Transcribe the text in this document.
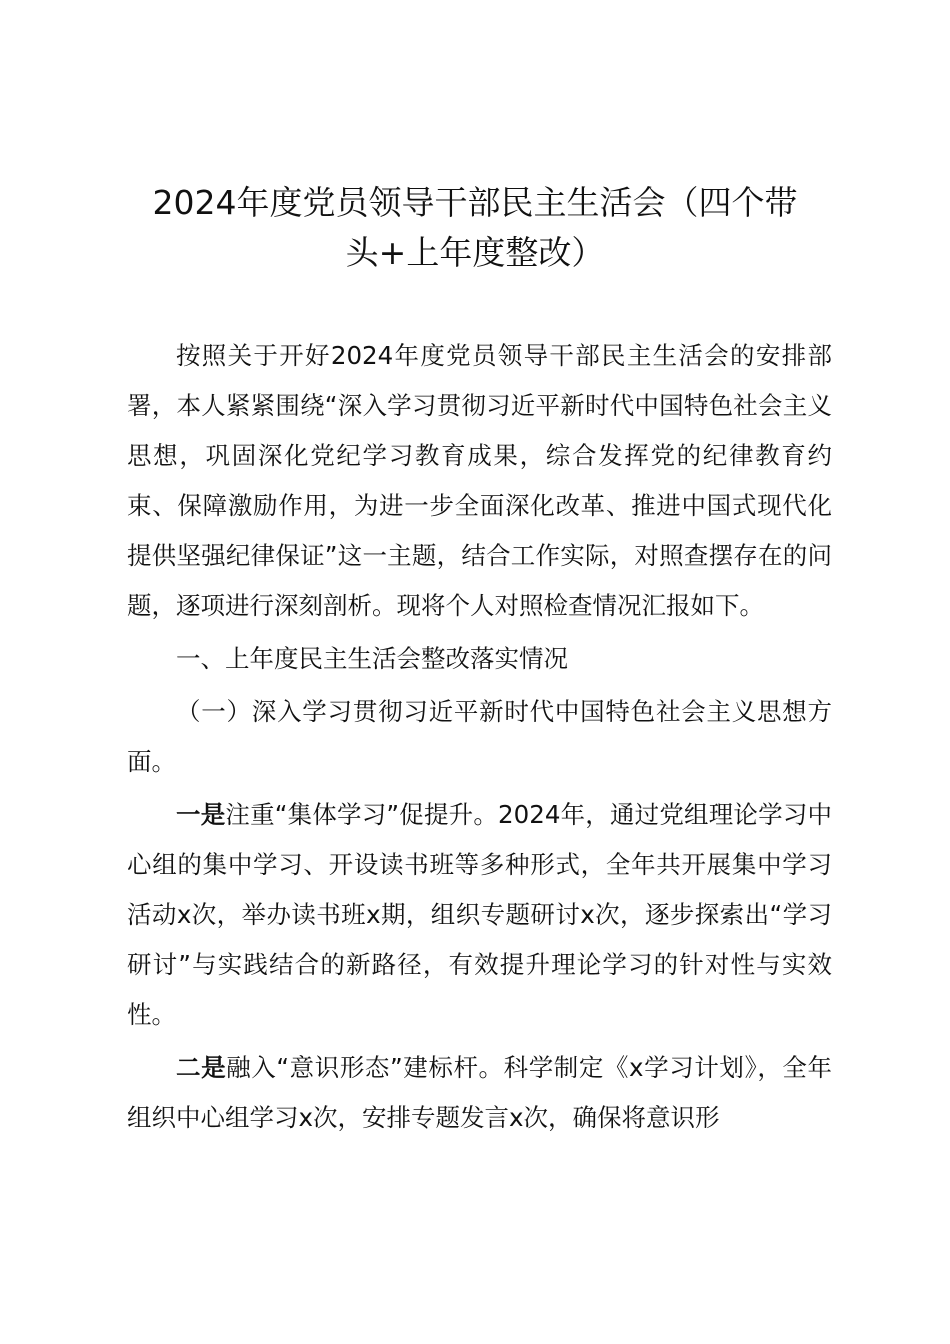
2024年度党员领导干部民主生活会（四个带
头+上年度整改）

按照关于开好2024年度党员领导干部民主生活会的安排部署，本人紧紧围绕“深入学习贯彻习近平新时代中国特色社会主义思想，巩固深化党纪学习教育成果，综合发挥党的纪律教育约束、保障激励作用，为进一步全面深化改革、推进中国式现代化提供坚强纪律保证”这一主题，结合工作实际，对照查摆存在的问题，逐项进行深刻剖析。现将个人对照检查情况汇报如下。

一、上年度民主生活会整改落实情况

（一）深入学习贯彻习近平新时代中国特色社会主义思想方面。

一是注重“集体学习”促提升。2024年，通过党组理论学习中心组的集中学习、开设读书班等多种形式，全年共开展集中学习活动x次，举办读书班x期，组织专题研讨x次，逐步探索出“学习研讨”与实践结合的新路径，有效提升理论学习的针对性与实效性。

二是融入“意识形态”建标杆。科学制定《x学习计划》，全年组织中心组学习x次，安排专题发言x次，确保将意识形
